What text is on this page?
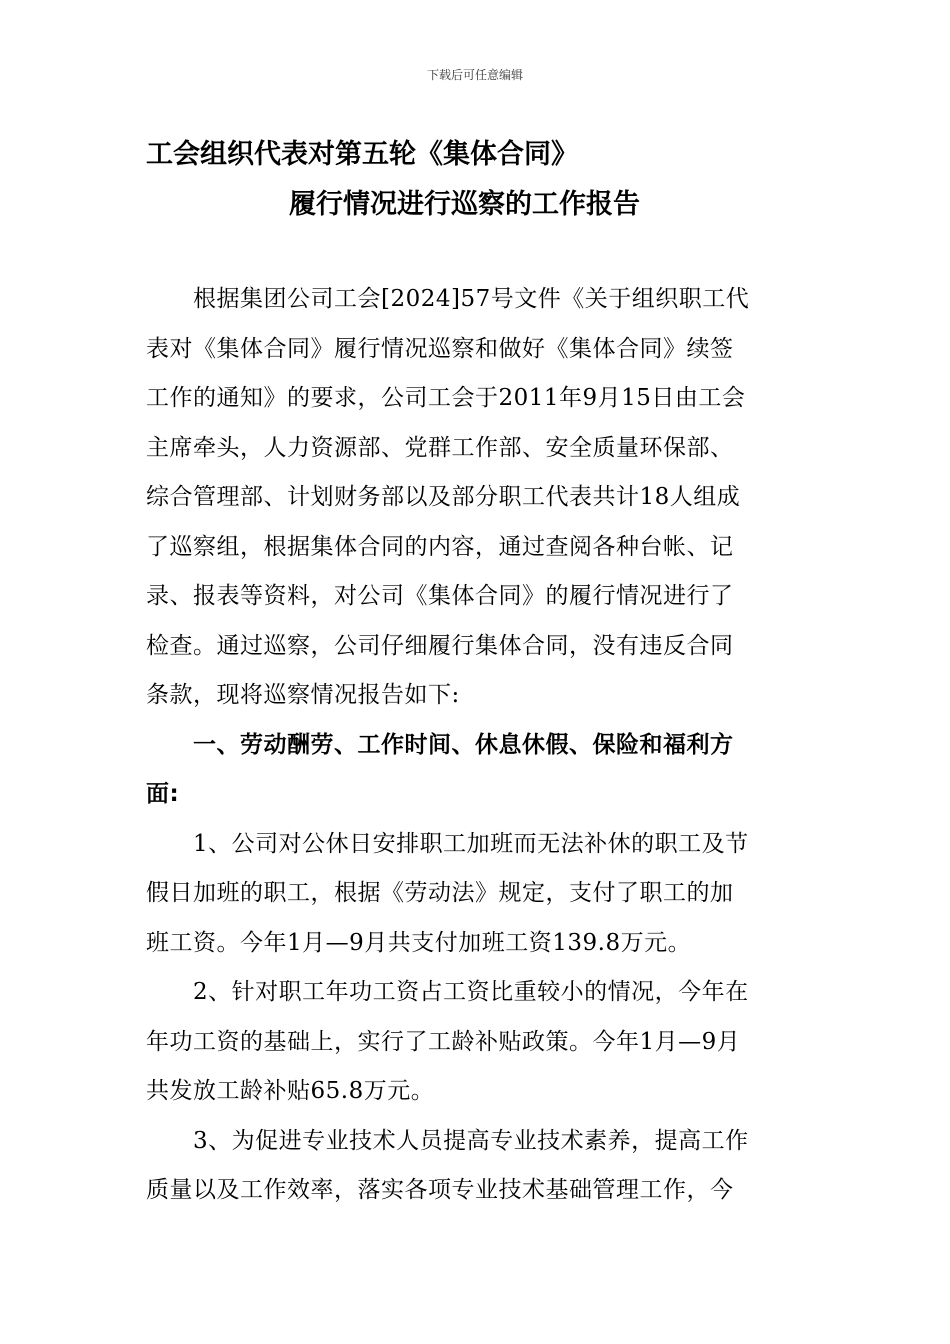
下载后可任意编辑
工会组织代表对第五轮《集体合同》
履行情况进行巡察的工作报告
根据集团公司工会[2024]57号文件《关于组织职工代
表对《集体合同》履行情况巡察和做好《集体合同》续签
工作的通知》的要求，公司工会于2011年9月15日由工会
主席牵头，人力资源部、党群工作部、安全质量环保部、
综合管理部、计划财务部以及部分职工代表共计18人组成
了巡察组，根据集体合同的内容，通过查阅各种台帐、记
录、报表等资料，对公司《集体合同》的履行情况进行了
检查。通过巡察，公司仔细履行集体合同，没有违反合同
条款，现将巡察情况报告如下:
一、劳动酬劳、工作时间、休息休假、保险和福利方
面:
1、公司对公休日安排职工加班而无法补休的职工及节
假日加班的职工，根据《劳动法》规定，支付了职工的加
班工资。今年1月—9月共支付加班工资139.8万元。
2、针对职工年功工资占工资比重较小的情况，今年在
年功工资的基础上，实行了工龄补贴政策。今年1月—9月
共发放工龄补贴65.8万元。
3、为促进专业技术人员提高专业技术素养，提高工作
质量以及工作效率，落实各项专业技术基础管理工作，今
